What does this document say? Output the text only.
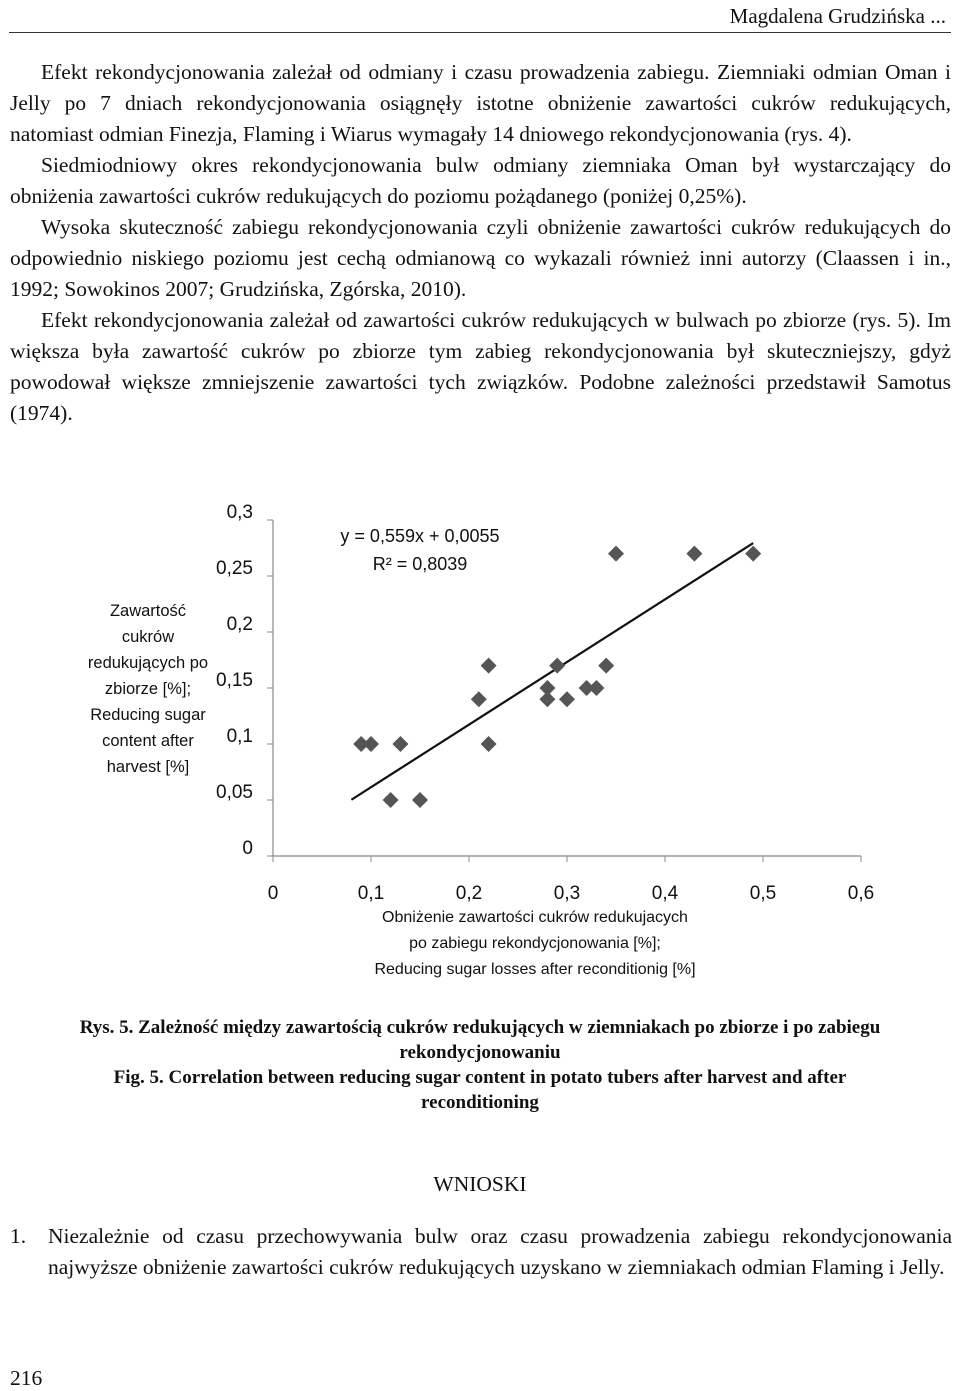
Magdalena Grudzińska ...

Efekt rekondycjonowania zależał od odmiany i czasu prowadzenia zabiegu. Ziemniaki odmian Oman i Jelly po 7 dniach rekondycjonowania osiągnęły istotne obniżenie zawartości cukrów redukujących, natomiast odmian Finezja, Flaming i Wiarus wymagały 14 dniowego rekondycjonowania (rys. 4).

Siedmiodniowy okres rekondycjonowania bulw odmiany ziemniaka Oman był wystarczający do obniżenia zawartości cukrów redukujących do poziomu pożądanego (poniżej 0,25%).

Wysoka skuteczność zabiegu rekondycjonowania czyli obniżenie zawartości cukrów redukujących do odpowiednio niskiego poziomu jest cechą odmianową co wykazali również inni autorzy (Claassen i in., 1992; Sowokinos 2007; Grudzińska, Zgórska, 2010).

Efekt rekondycjonowania zależał od zawartości cukrów redukujących w bulwach po zbiorze (rys. 5). Im większa była zawartość cukrów po zbiorze tym zabieg rekondycjonowania był skuteczniejszy, gdyż powodował większe zmniejszenie zawartości tych związków. Podobne zależności przedstawił Samotus (1974).

0	0,1	0,2	0,3	0,4	0,5	0,6
0
0,05
0,1
0,15
0,2
0,25
0,3
Zawartość
cukrów
redukujących po
zbiorze [%];
Reducing sugar
content after
harvest [%]
y = 0,559x + 0,0055
R² = 0,8039
Obniżenie zawartości cukrów redukujacych
po zabiegu rekondycjonowania [%];
Reducing sugar losses after reconditionig [%]
Rys. 5. Zależność między zawartością cukrów redukujących w ziemniakach po zbiorze i po zabiegu
rekondycjonowaniu
Fig. 5. Correlation between reducing sugar content in potato tubers after harvest and after
reconditioning
WNIOSKI
1. Niezależnie od czasu przechowywania bulw oraz czasu prowadzenia zabiegu rekondycjonowania najwyższe obniżenie zawartości cukrów redukujących uzyskano w ziemniakach odmian Flaming i Jelly.
216
